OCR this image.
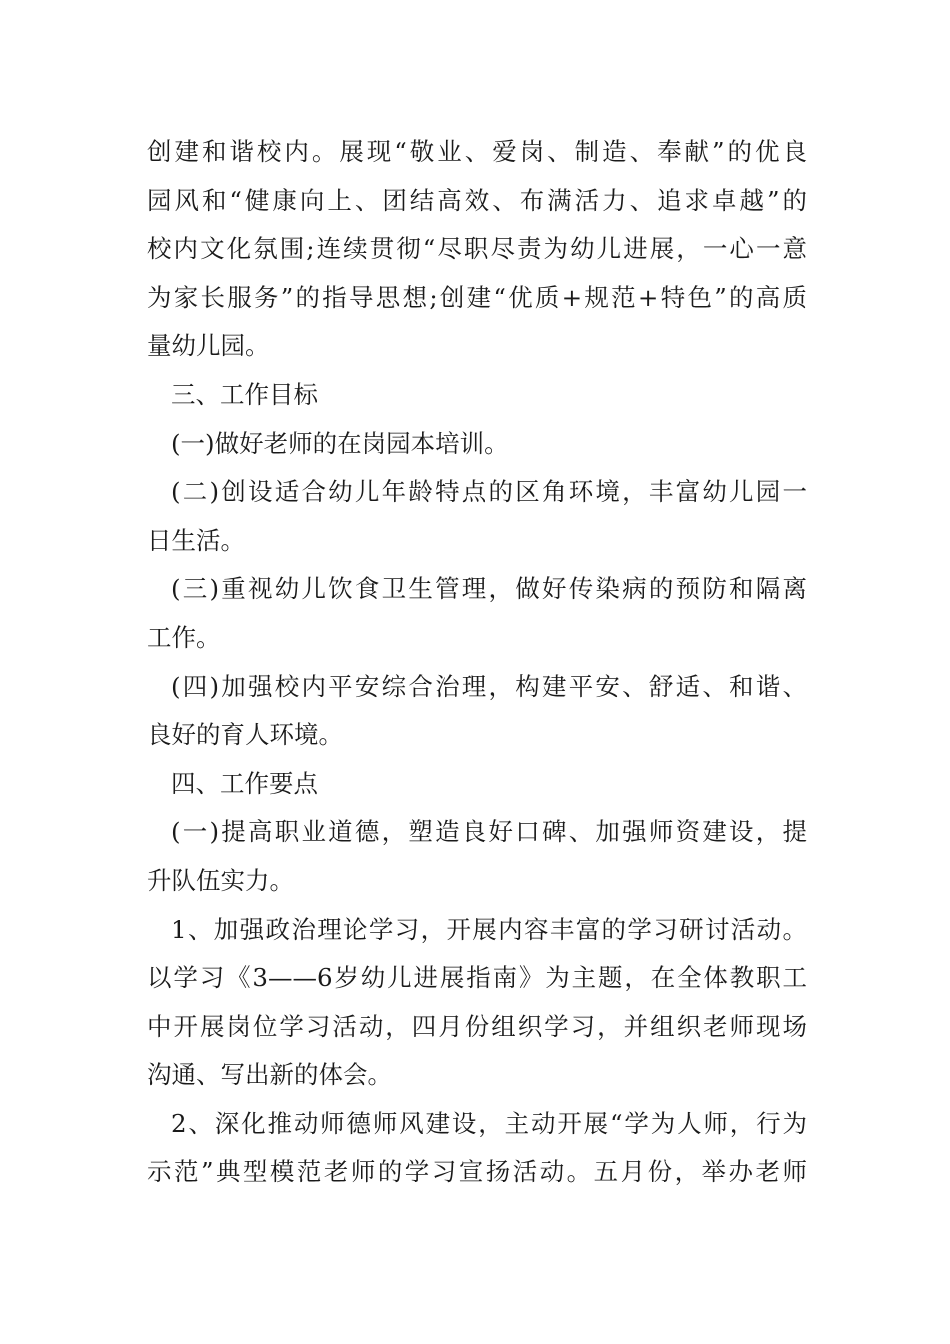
创建和谐校内。展现“敬业、爱岗、制造、奉献”的优良
园风和“健康向上、团结高效、布满活力、追求卓越”的
校内文化氛围;连续贯彻“尽职尽责为幼儿进展，一心一意
为家长服务”的指导思想;创建“优质+规范+特色”的高质
量幼儿园。
三、工作目标
(一)做好老师的在岗园本培训。
(二)创设适合幼儿年龄特点的区角环境，丰富幼儿园一
日生活。
(三)重视幼儿饮食卫生管理，做好传染病的预防和隔离
工作。
(四)加强校内平安综合治理，构建平安、舒适、和谐、
良好的育人环境。
四、工作要点
(一)提高职业道德，塑造良好口碑、加强师资建设，提
升队伍实力。
1、加强政治理论学习，开展内容丰富的学习研讨活动。
以学习《3——6岁幼儿进展指南》为主题，在全体教职工
中开展岗位学习活动，四月份组织学习，并组织老师现场
沟通、写出新的体会。
2、深化推动师德师风建设，主动开展“学为人师，行为
示范”典型模范老师的学习宣扬活动。五月份，举办老师
